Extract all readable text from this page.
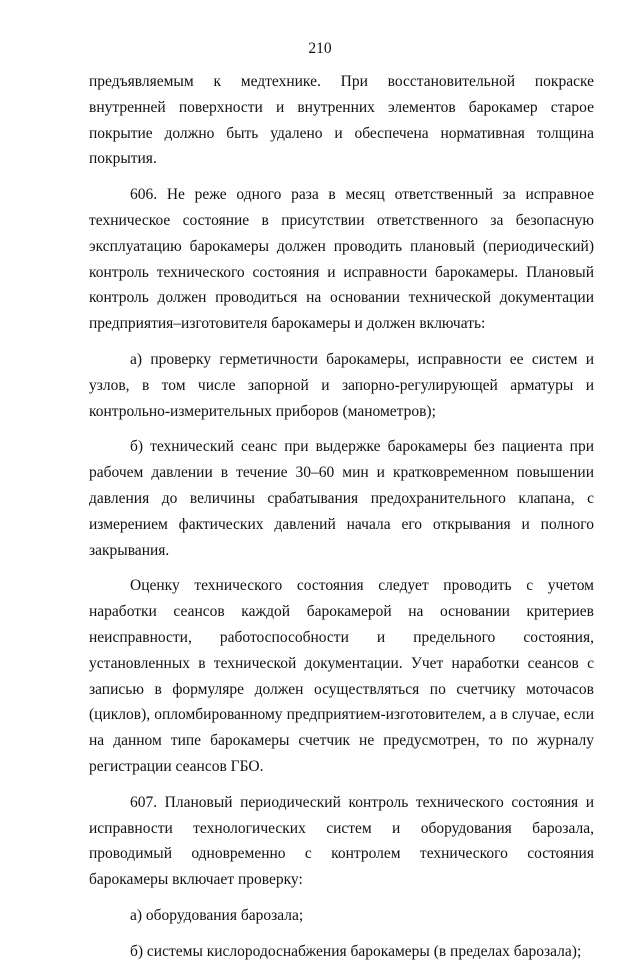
210

предъявляемым к медтехнике. При восстановительной покраске внутренней поверхности и внутренних элементов барокамер старое покрытие должно быть удалено и обеспечена нормативная толщина покрытия.

606. Не реже одного раза в месяц ответственный за исправное техническое состояние в присутствии ответственного за безопасную эксплуатацию барокамеры должен проводить плановый (периодический) контроль технического состояния и исправности барокамеры. Плановый контроль должен проводиться на основании технической документации предприятия–изготовителя барокамеры и должен включать:

а) проверку герметичности барокамеры, исправности ее систем и узлов, в том числе запорной и запорно-регулирующей арматуры и контрольно-измерительных приборов (манометров);

б) технический сеанс при выдержке барокамеры без пациента при рабочем давлении в течение 30–60 мин и кратковременном повышении давления до величины срабатывания предохранительного клапана, с измерением фактических давлений начала его открывания и полного закрывания.

Оценку технического состояния следует проводить с учетом наработки сеансов каждой барокамерой на основании критериев неисправности, работоспособности и предельного состояния, установленных в технической документации. Учет наработки сеансов с записью в формуляре должен осуществляться по счетчику моточасов (циклов), опломбированному предприятием-изготовителем, а в случае, если на данном типе барокамеры счетчик не предусмотрен, то по журналу регистрации сеансов ГБО.

607. Плановый периодический контроль технического состояния и исправности технологических систем и оборудования барозала, проводимый одновременно с контролем технического состояния барокамеры включает проверку:

а) оборудования барозала;

б) системы кислородоснабжения барокамеры (в пределах барозала);
